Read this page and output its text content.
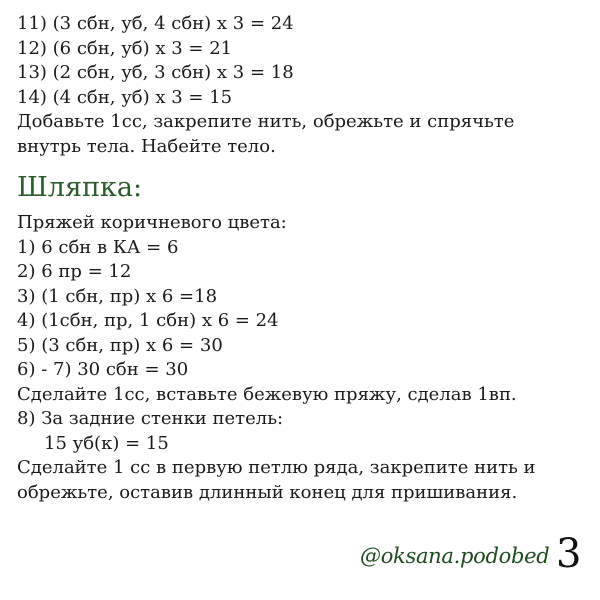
11) (3 сбн, уб, 4 сбн) x 3 = 24
12) (6 сбн, уб) x 3 = 21
13) (2 сбн, уб, 3 сбн) x 3 = 18
14) (4 сбн, уб) x 3 = 15
Добавьте 1сс, закрепите нить, обрежьте и спрячьте
внутрь тела. Набейте тело.
Шляпка:
Пряжей коричневого цвета:
1) 6 сбн в КА = 6
2) 6 пр = 12
3) (1 сбн, пр) x 6 =18
4) (1сбн, пр, 1 сбн) x 6 = 24
5) (3 сбн, пр) x 6 = 30
6) - 7) 30 сбн = 30
Сделайте 1сс, вставьте бежевую пряжу, сделав 1вп.
8) За задние стенки петель:
15 уб(к) = 15
Сделайте 1 сс в первую петлю ряда, закрепите нить и
обрежьте, оставив длинный конец для пришивания.
@oksana.podobed 3
